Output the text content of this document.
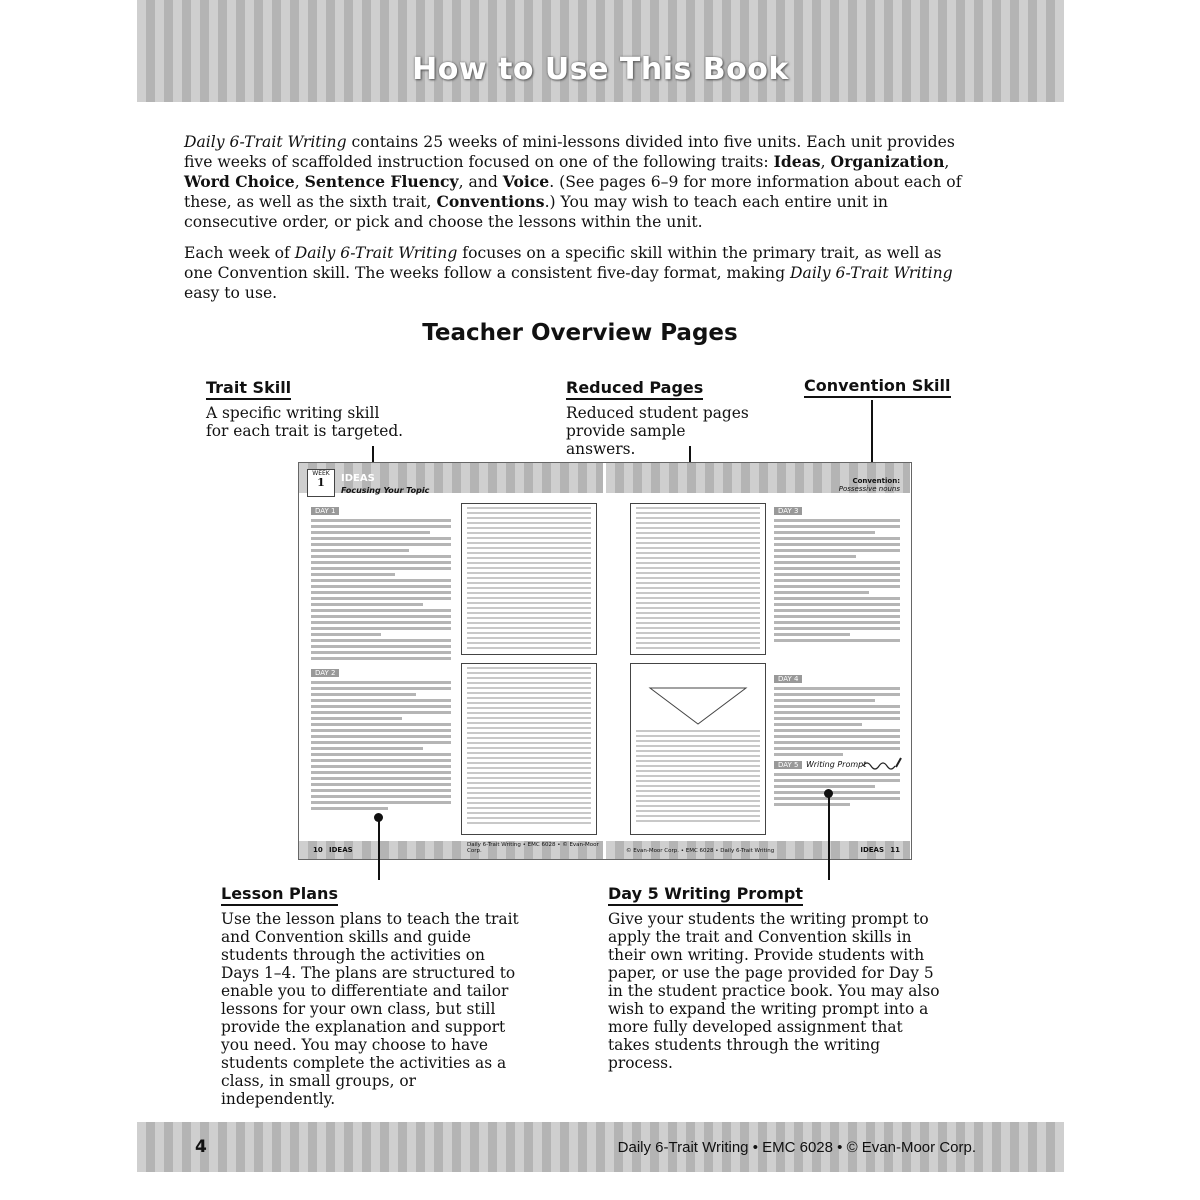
How to Use This Book

Daily 6-Trait Writing contains 25 weeks of mini-lessons divided into five units. Each unit provides five weeks of scaffolded instruction focused on one of the following traits: Ideas, Organization, Word Choice, Sentence Fluency, and Voice. (See pages 6–9 for more information about each of these, as well as the sixth trait, Conventions.) You may wish to teach each entire unit in consecutive order, or pick and choose the lessons within the unit.

Each week of Daily 6-Trait Writing focuses on a specific skill within the primary trait, as well as one Convention skill. The weeks follow a consistent five-day format, making Daily 6-Trait Writing easy to use.

Teacher Overview Pages
Trait Skill

A specific writing skill for each trait is targeted.

Reduced Pages

Reduced student pages provide sample answers.

Convention Skill
WEEK
1	IDEAS
Focusing Your Topic
DAY 1
DAY 2
10 IDEAS
Daily 6-Trait Writing • EMC 6028 • © Evan-Moor Corp.
Convention:
Possessive nouns
DAY 3
DAY 4
DAY 5 Writing Prompt
© Evan-Moor Corp. • EMC 6028 • Daily 6-Trait Writing	IDEAS 11
Lesson Plans

Use the lesson plans to teach the trait and Convention skills and guide students through the activities on Days 1–4. The plans are structured to enable you to differentiate and tailor lessons for your own class, but still provide the explanation and support you need. You may choose to have students complete the activities as a class, in small groups, or independently.

Day 5 Writing Prompt

Give your students the writing prompt to apply the trait and Convention skills in their own writing. Provide students with paper, or use the page provided for Day 5 in the student practice book. You may also wish to expand the writing prompt into a more fully developed assignment that takes students through the writing process.

4	Daily 6-Trait Writing • EMC 6028 • © Evan-Moor Corp.
